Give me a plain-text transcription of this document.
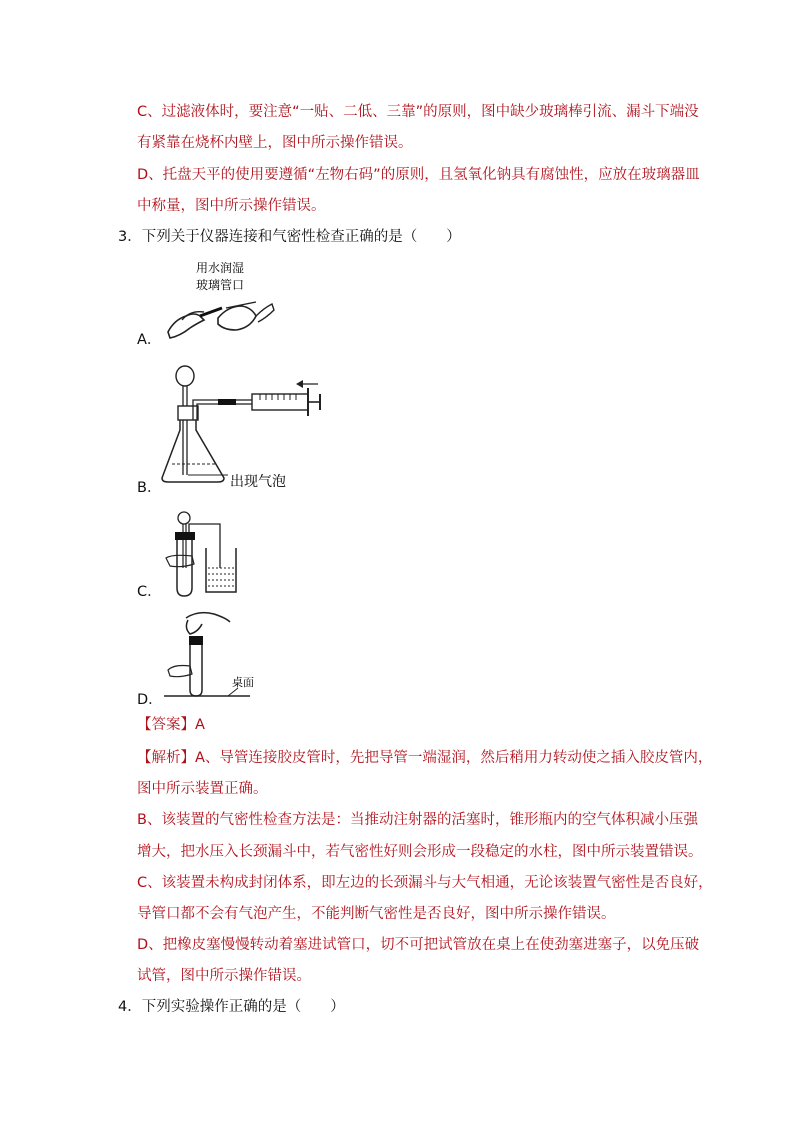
C、过滤液体时，要注意“一贴、二低、三靠”的原则，图中缺少玻璃棒引流、漏斗下端没
有紧靠在烧杯内壁上，图中所示操作错误。
D、托盘天平的使用要遵循“左物右码”的原则，且氢氧化钠具有腐蚀性，应放在玻璃器皿
中称量，图中所示操作错误。
3．下列关于仪器连接和气密性检查正确的是（　　）
A．
用水润湿
玻璃管口
B．	出现气泡
C．
D．
桌面
【答案】A
【解析】A、导管连接胶皮管时，先把导管一端湿润，然后稍用力转动使之插入胶皮管内，
图中所示装置正确。
B、该装置的气密性检查方法是：当推动注射器的活塞时，锥形瓶内的空气体积减小压强
增大，把水压入长颈漏斗中，若气密性好则会形成一段稳定的水柱，图中所示装置错误。
C、该装置未构成封闭体系，即左边的长颈漏斗与大气相通，无论该装置气密性是否良好，
导管口都不会有气泡产生，不能判断气密性是否良好，图中所示操作错误。
D、把橡皮塞慢慢转动着塞进试管口，切不可把试管放在桌上在使劲塞进塞子，以免压破
试管，图中所示操作错误。
4．下列实验操作正确的是（　　）
